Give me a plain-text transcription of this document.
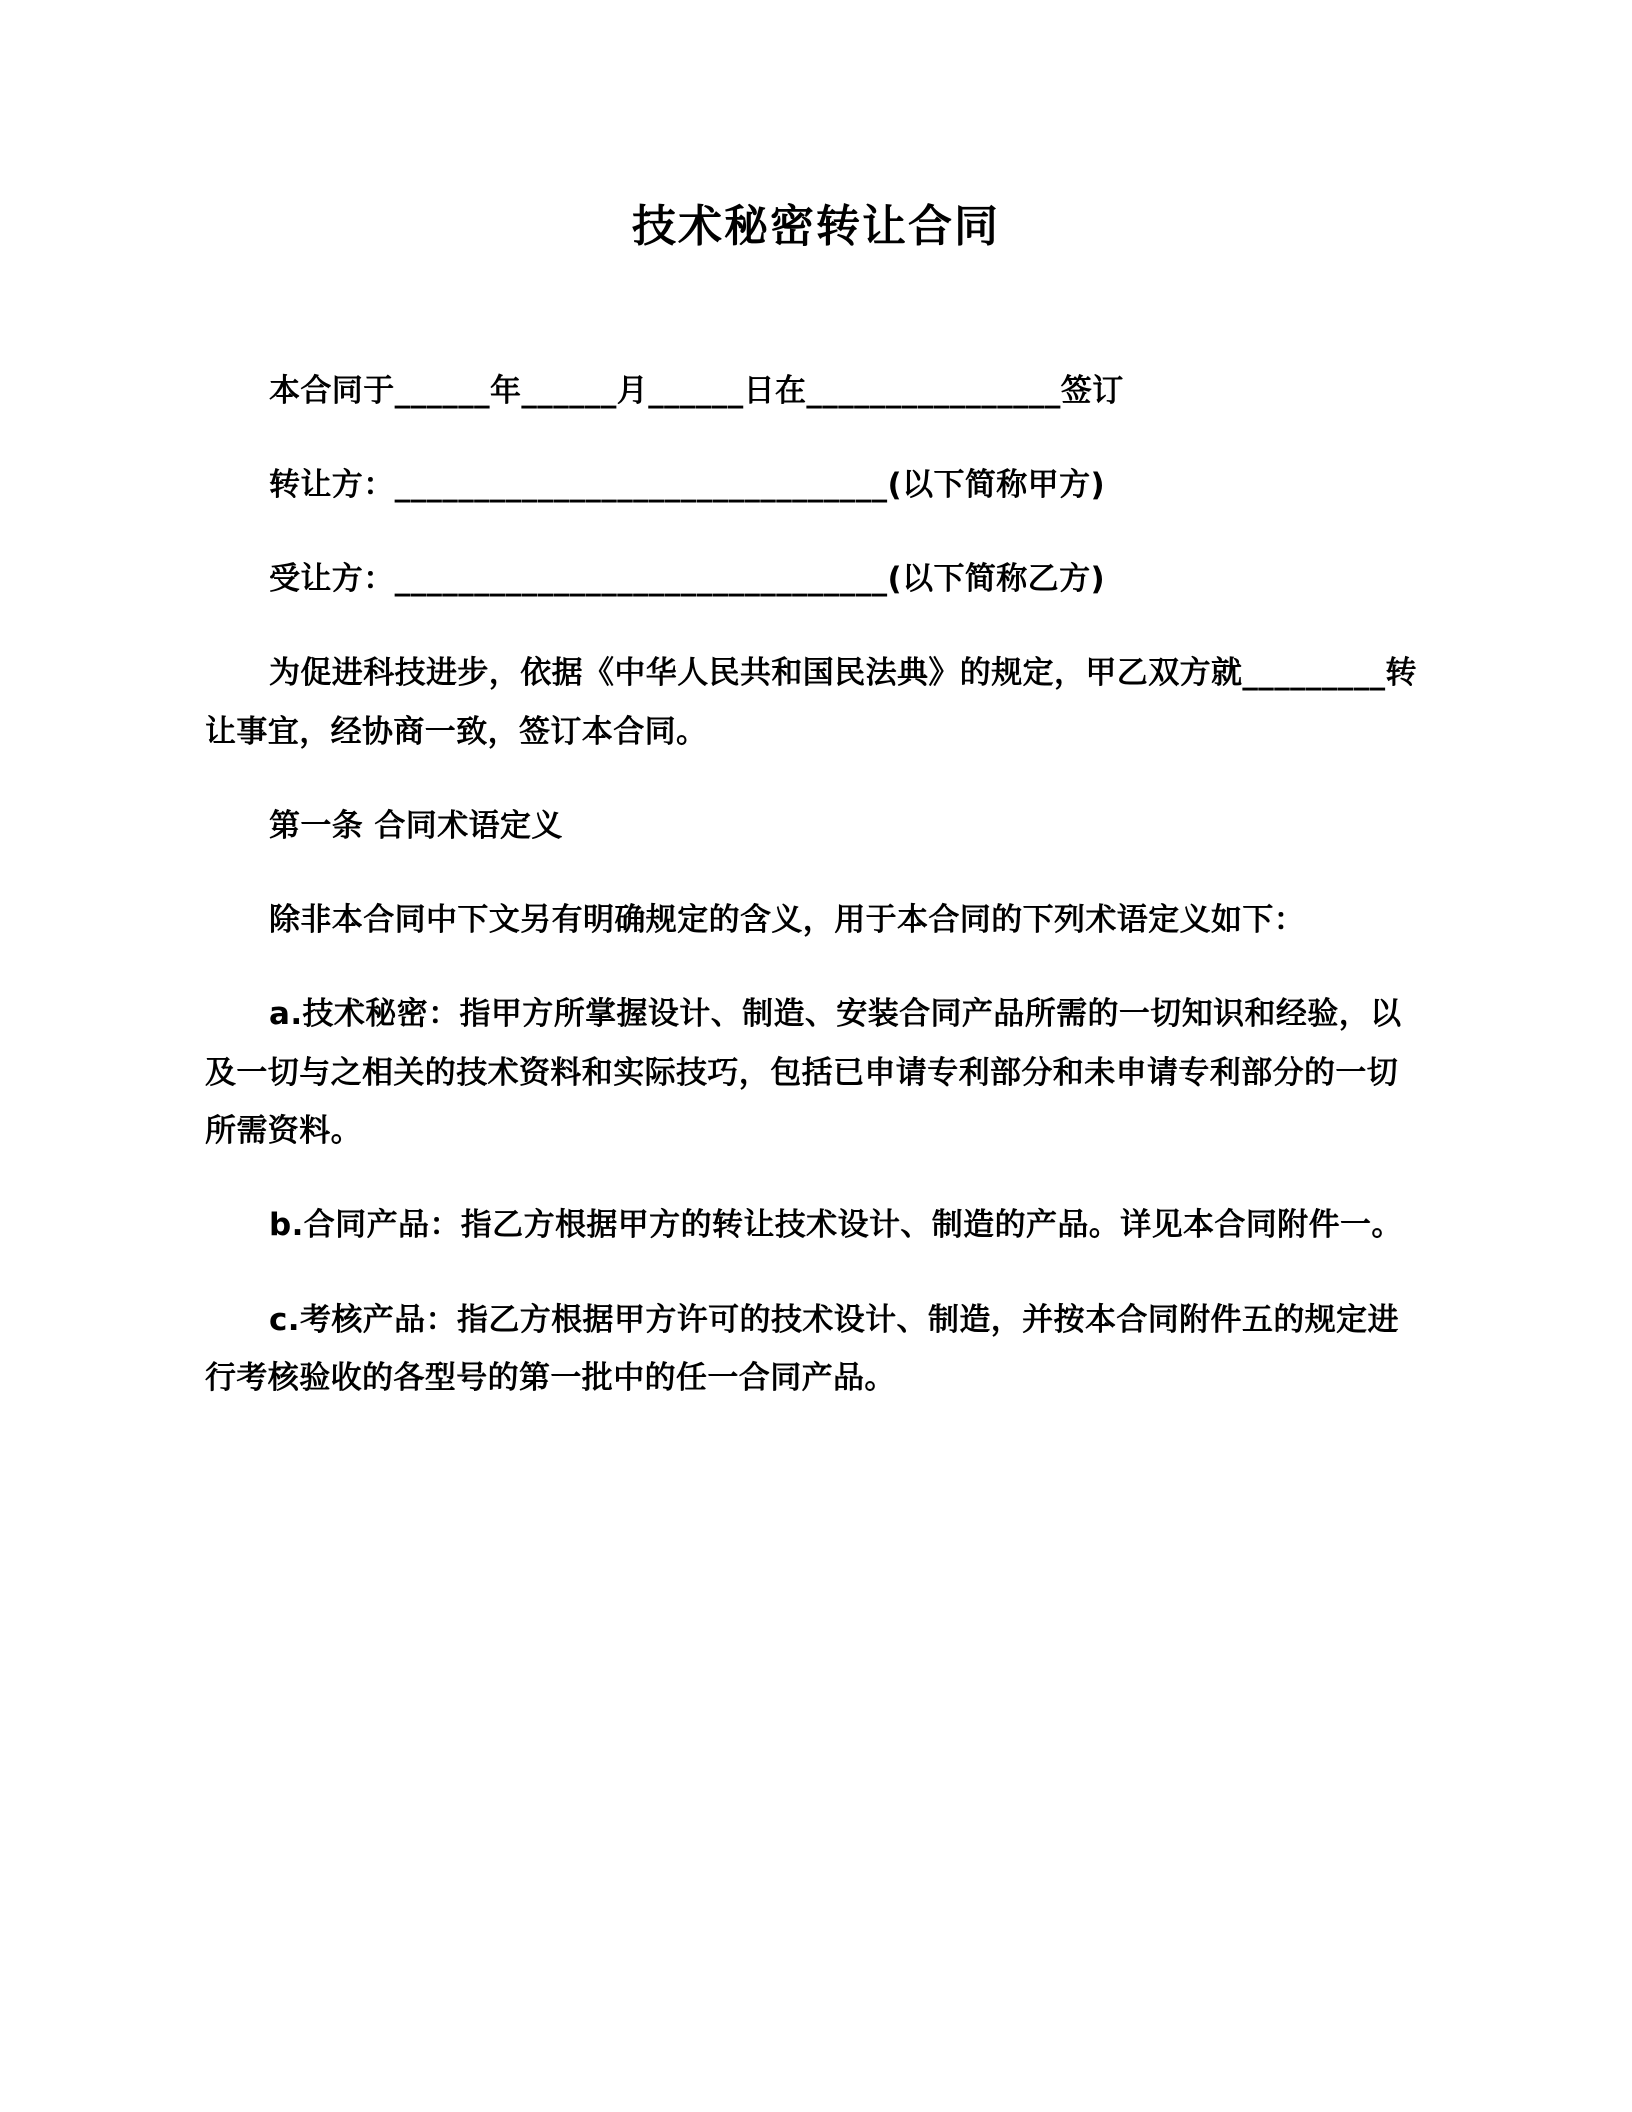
技术秘密转让合同

本合同于______年______月______日在________________签订

转让方：_______________________________(以下简称甲方)

受让方：_______________________________(以下简称乙方)

为促进科技进步，依据《中华人民共和国民法典》的规定，甲乙双方就_________转让事宜，经协商一致，签订本合同。

第一条 合同术语定义

除非本合同中下文另有明确规定的含义，用于本合同的下列术语定义如下：

a.技术秘密：指甲方所掌握设计、制造、安装合同产品所需的一切知识和经验，以及一切与之相关的技术资料和实际技巧，包括已申请专利部分和未申请专利部分的一切所需资料。

b.合同产品：指乙方根据甲方的转让技术设计、制造的产品。详见本合同附件一。

c.考核产品：指乙方根据甲方许可的技术设计、制造，并按本合同附件五的规定进行考核验收的各型号的第一批中的任一合同产品。
